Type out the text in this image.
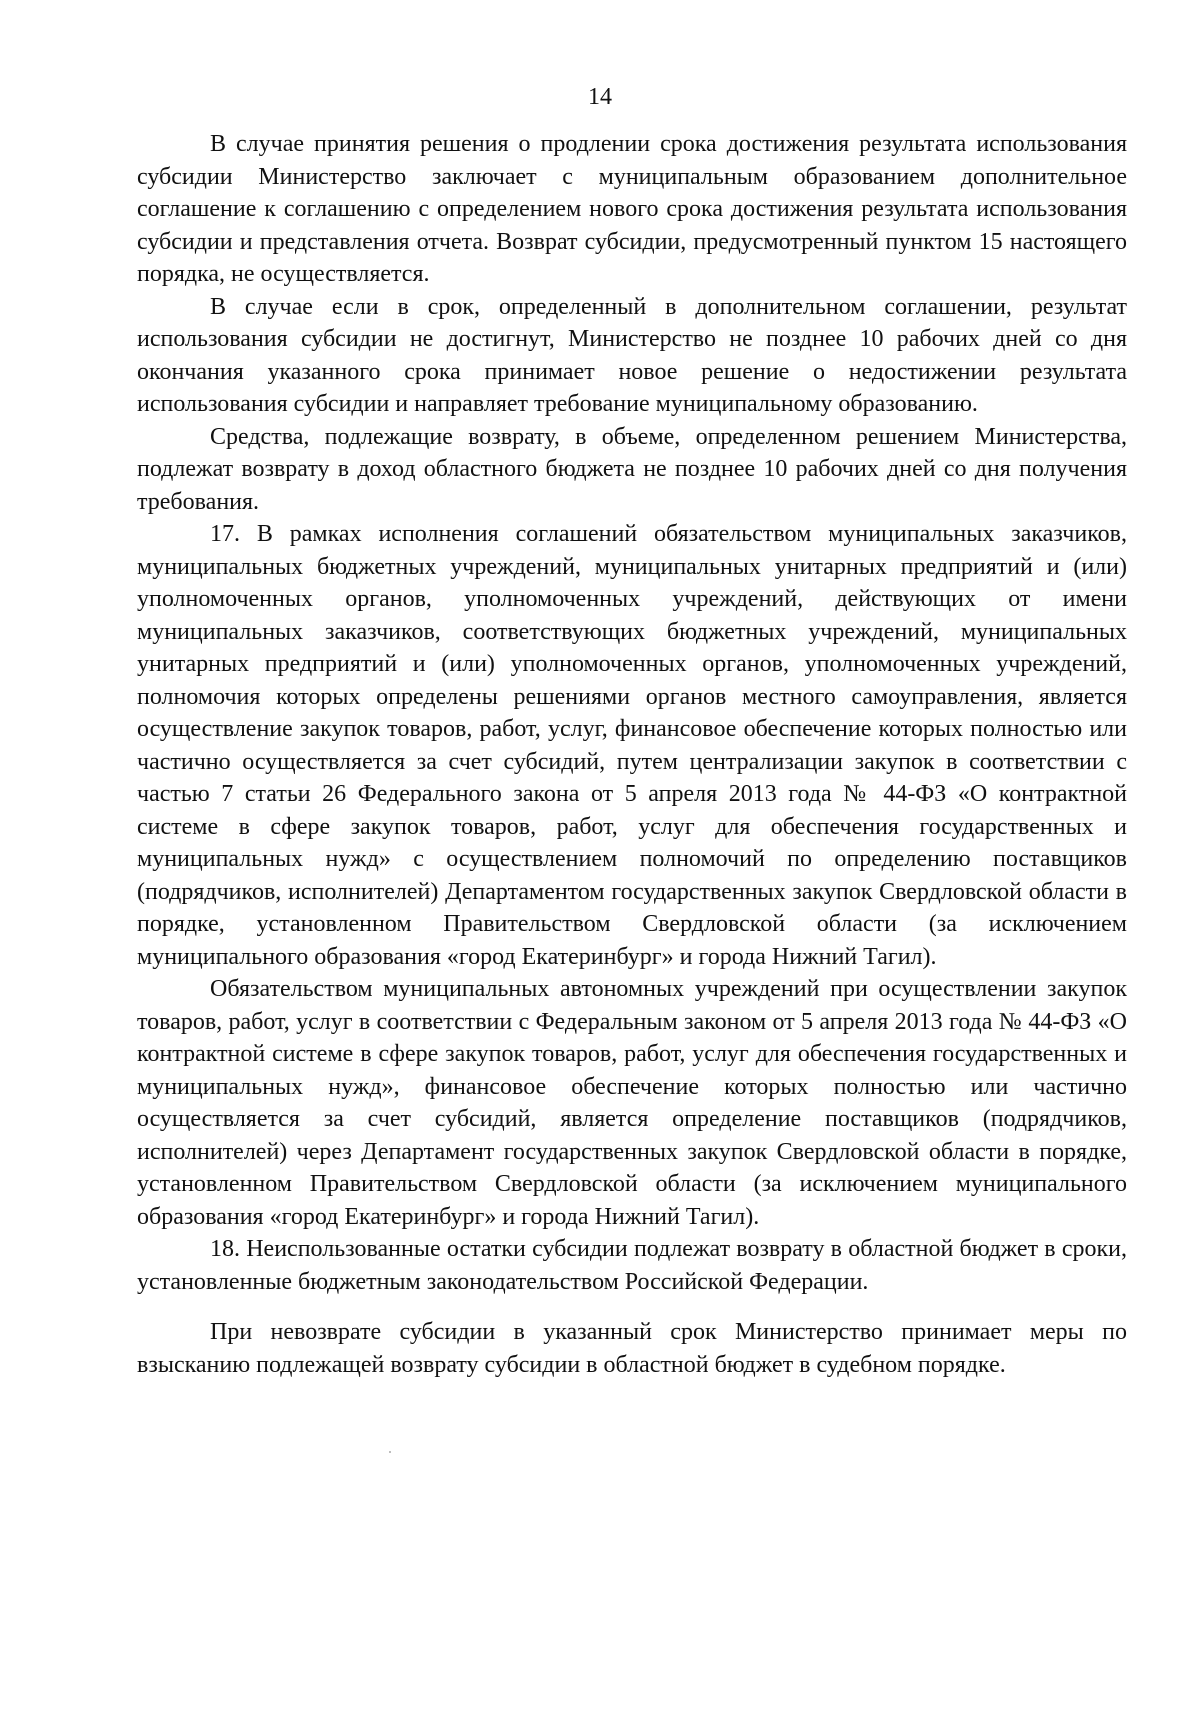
14

В случае принятия решения о продлении срока достижения результата использования субсидии Министерство заключает с муниципальным образованием дополнительное соглашение к соглашению с определением нового срока достижения результата использования субсидии и представления отчета. Возврат субсидии, предусмотренный пунктом 15 настоящего порядка, не осуществляется.

В случае если в срок, определенный в дополнительном соглашении, результат использования субсидии не достигнут, Министерство не позднее 10 рабочих дней со дня окончания указанного срока принимает новое решение о недостижении результата использования субсидии и направляет требование муниципальному образованию.

Средства, подлежащие возврату, в объеме, определенном решением Министерства, подлежат возврату в доход областного бюджета не позднее 10 рабочих дней со дня получения требования.

17. В рамках исполнения соглашений обязательством муниципальных заказчиков, муниципальных бюджетных учреждений, муниципальных унитарных предприятий и (или) уполномоченных органов, уполномоченных учреждений, действующих от имени муниципальных заказчиков, соответствующих бюджетных учреждений, муниципальных унитарных предприятий и (или) уполномоченных органов, уполномоченных учреждений, полномочия которых определены решениями органов местного самоуправления, является осуществление закупок товаров, работ, услуг, финансовое обеспечение которых полностью или частично осуществляется за счет субсидий, путем централизации закупок в соответствии с частью 7 статьи 26 Федерального закона от 5 апреля 2013 года № 44-ФЗ «О контрактной системе в сфере закупок товаров, работ, услуг для обеспечения государственных и муниципальных нужд» с осуществлением полномочий по определению поставщиков (подрядчиков, исполнителей) Департаментом государственных закупок Свердловской области в порядке, установленном Правительством Свердловской области (за исключением муниципального образования «город Екатеринбург» и города Нижний Тагил).

Обязательством муниципальных автономных учреждений при осуществлении закупок товаров, работ, услуг в соответствии с Федеральным законом от 5 апреля 2013 года № 44-ФЗ «О контрактной системе в сфере закупок товаров, работ, услуг для обеспечения государственных и муниципальных нужд», финансовое обеспечение которых полностью или частично осуществляется за счет субсидий, является определение поставщиков (подрядчиков, исполнителей) через Департамент государственных закупок Свердловской области в порядке, установленном Правительством Свердловской области (за исключением муниципального образования «город Екатеринбург» и города Нижний Тагил).

18. Неиспользованные остатки субсидии подлежат возврату в областной бюджет в сроки, установленные бюджетным законодательством Российской Федерации.

При невозврате субсидии в указанный срок Министерство принимает меры по взысканию подлежащей возврату субсидии в областной бюджет в судебном порядке.
